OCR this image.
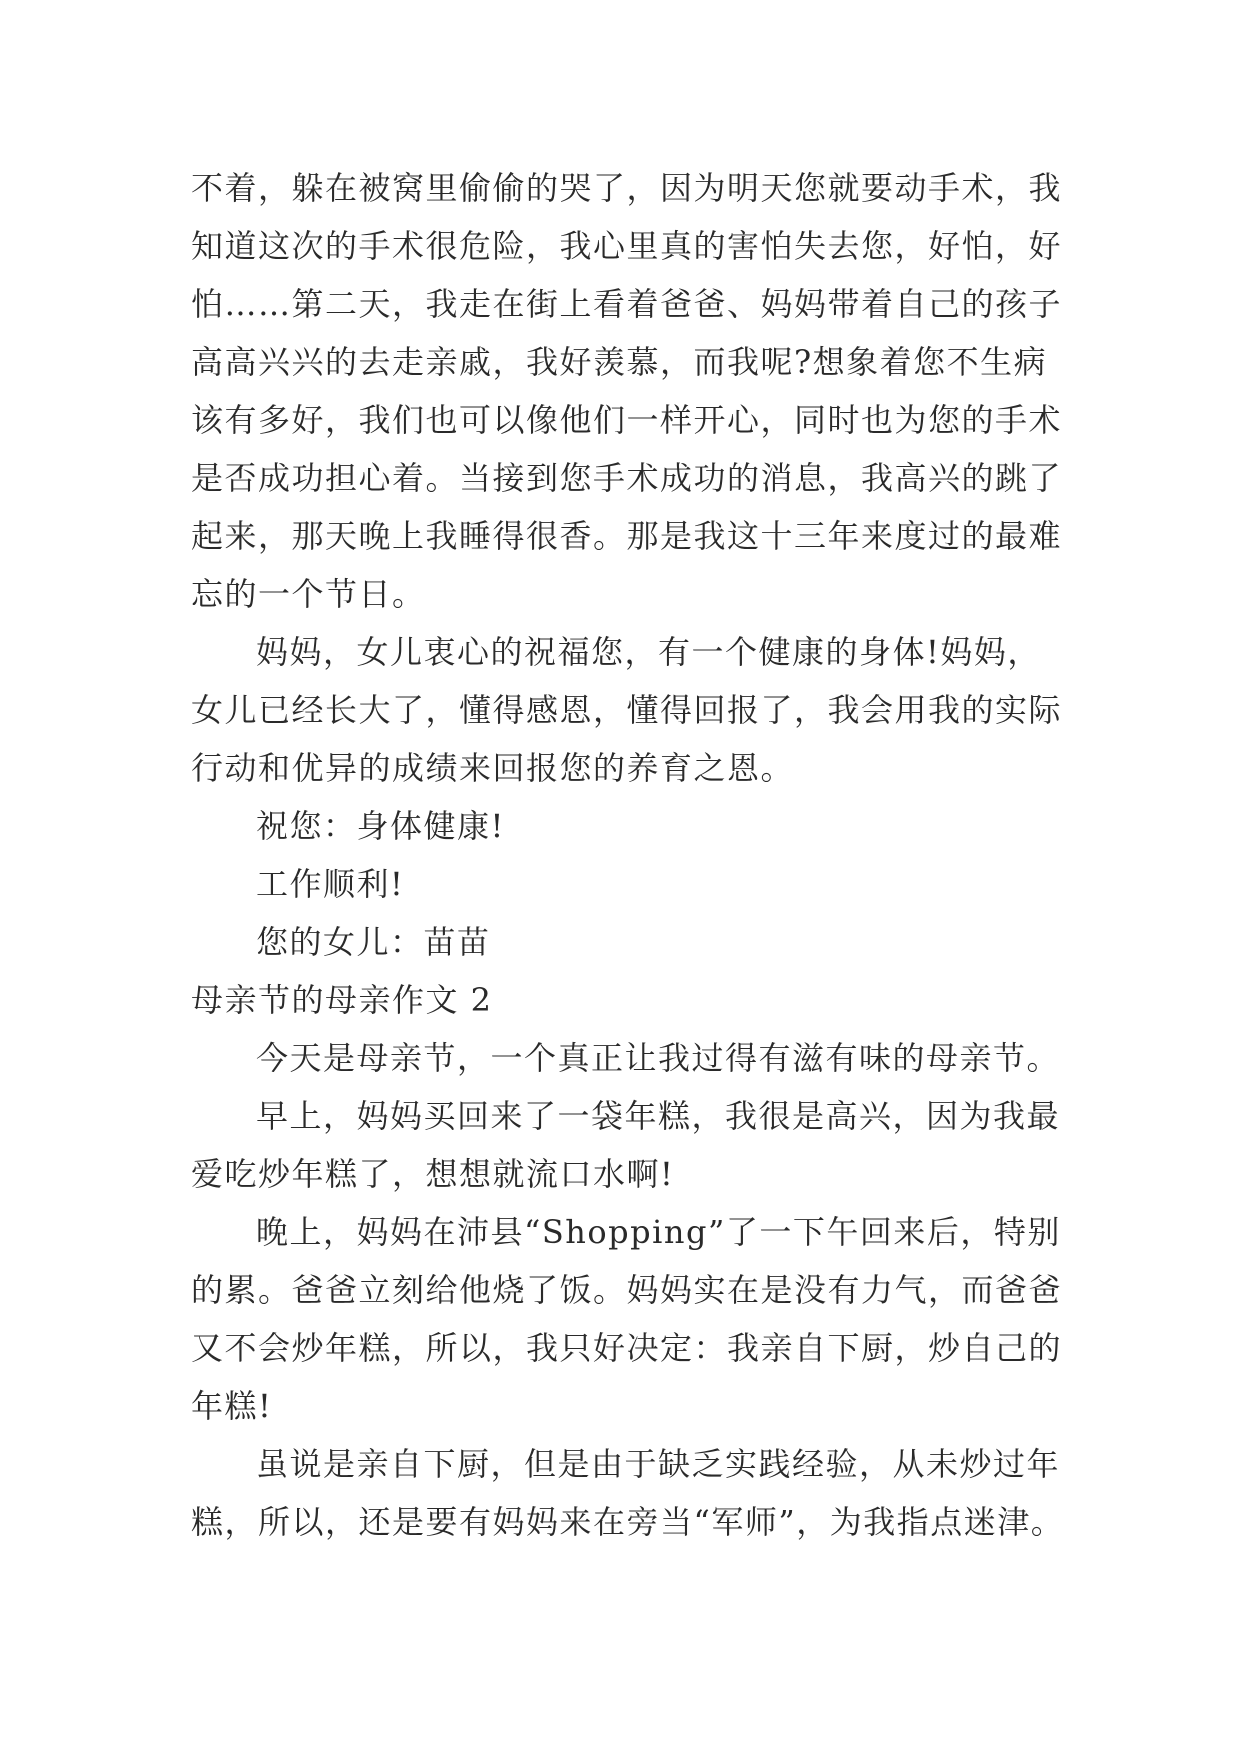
不着，躲在被窝里偷偷的哭了，因为明天您就要动手术，我
知道这次的手术很危险，我心里真的害怕失去您，好怕，好
怕……第二天，我走在街上看着爸爸、妈妈带着自己的孩子
高高兴兴的去走亲戚，我好羡慕，而我呢?想象着您不生病
该有多好，我们也可以像他们一样开心，同时也为您的手术
是否成功担心着。当接到您手术成功的消息，我高兴的跳了
起来，那天晚上我睡得很香。那是我这十三年来度过的最难
忘的一个节日。
妈妈，女儿衷心的祝福您，有一个健康的身体!妈妈，
女儿已经长大了，懂得感恩，懂得回报了，我会用我的实际
行动和优异的成绩来回报您的养育之恩。
祝您：身体健康!
工作顺利!
您的女儿：苗苗
母亲节的母亲作文 2
今天是母亲节，一个真正让我过得有滋有味的母亲节。
早上，妈妈买回来了一袋年糕，我很是高兴，因为我最
爱吃炒年糕了，想想就流口水啊!
晚上，妈妈在沛县“Shopping”了一下午回来后，特别
的累。爸爸立刻给他烧了饭。妈妈实在是没有力气，而爸爸
又不会炒年糕，所以，我只好决定：我亲自下厨，炒自己的
年糕!
虽说是亲自下厨，但是由于缺乏实践经验，从未炒过年
糕，所以，还是要有妈妈来在旁当“军师”，为我指点迷津。
